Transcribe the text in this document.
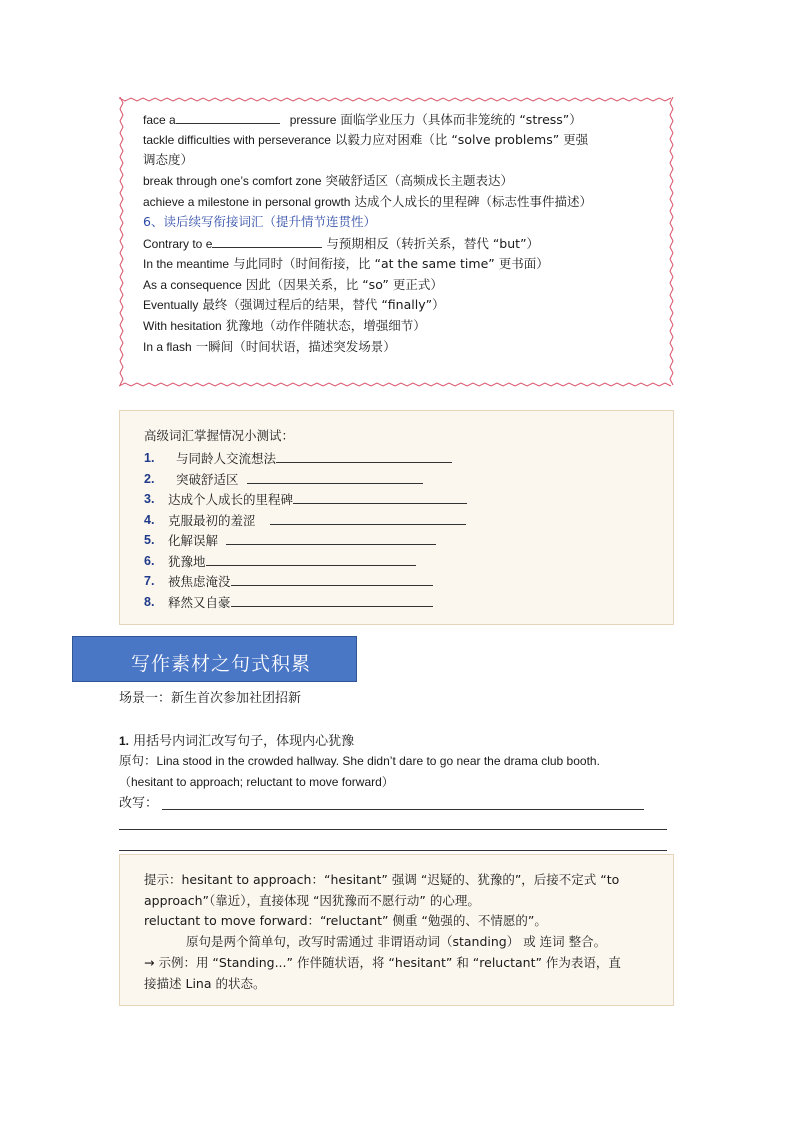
face a	pressure 面临学业压力（具体而非笼统的 “stress”）
tackle difficulties with perseverance 以毅力应对困难（比 “solve problems” 更强
调态度）
break through one’s comfort zone 突破舒适区（高频成长主题表达）
achieve a milestone in personal growth 达成个人成长的里程碑（标志性事件描述）
6、读后续写衔接词汇（提升情节连贯性）
Contrary to e	与预期相反（转折关系，替代 “but”）
In the meantime 与此同时（时间衔接，比 “at the same time” 更书面）
As a consequence 因此（因果关系，比 “so” 更正式）
Eventually 最终（强调过程后的结果，替代 “finally”）
With hesitation 犹豫地（动作伴随状态，增强细节）
In a flash 一瞬间（时间状语，描述突发场景）
高级词汇掌握情况小测试：
1. 与同龄人交流想法
2. 突破舒适区
3. 达成个人成长的里程碑
4. 克服最初的羞涩
5. 化解误解
6. 犹豫地
7. 被焦虑淹没
8. 释然又自豪
写作素材之句式积累
场景一：新生首次参加社团招新
1. 用括号内词汇改写句子，体现内心犹豫
原句：Lina stood in the crowded hallway. She didn’t dare to go near the drama club booth.
（hesitant to approach; reluctant to move forward）
改写：
提示：hesitant to approach：“hesitant” 强调 “迟疑的、犹豫的”，后接不定式 “to
approach”（靠近），直接体现 “因犹豫而不愿行动” 的心理。
reluctant to move forward：“reluctant” 侧重 “勉强的、不情愿的”。
原句是两个简单句，改写时需通过 非谓语动词（standing） 或 连词 整合。
→ 示例：用 “Standing...” 作伴随状语，将 “hesitant” 和 “reluctant” 作为表语，直
接描述 Lina 的状态。
